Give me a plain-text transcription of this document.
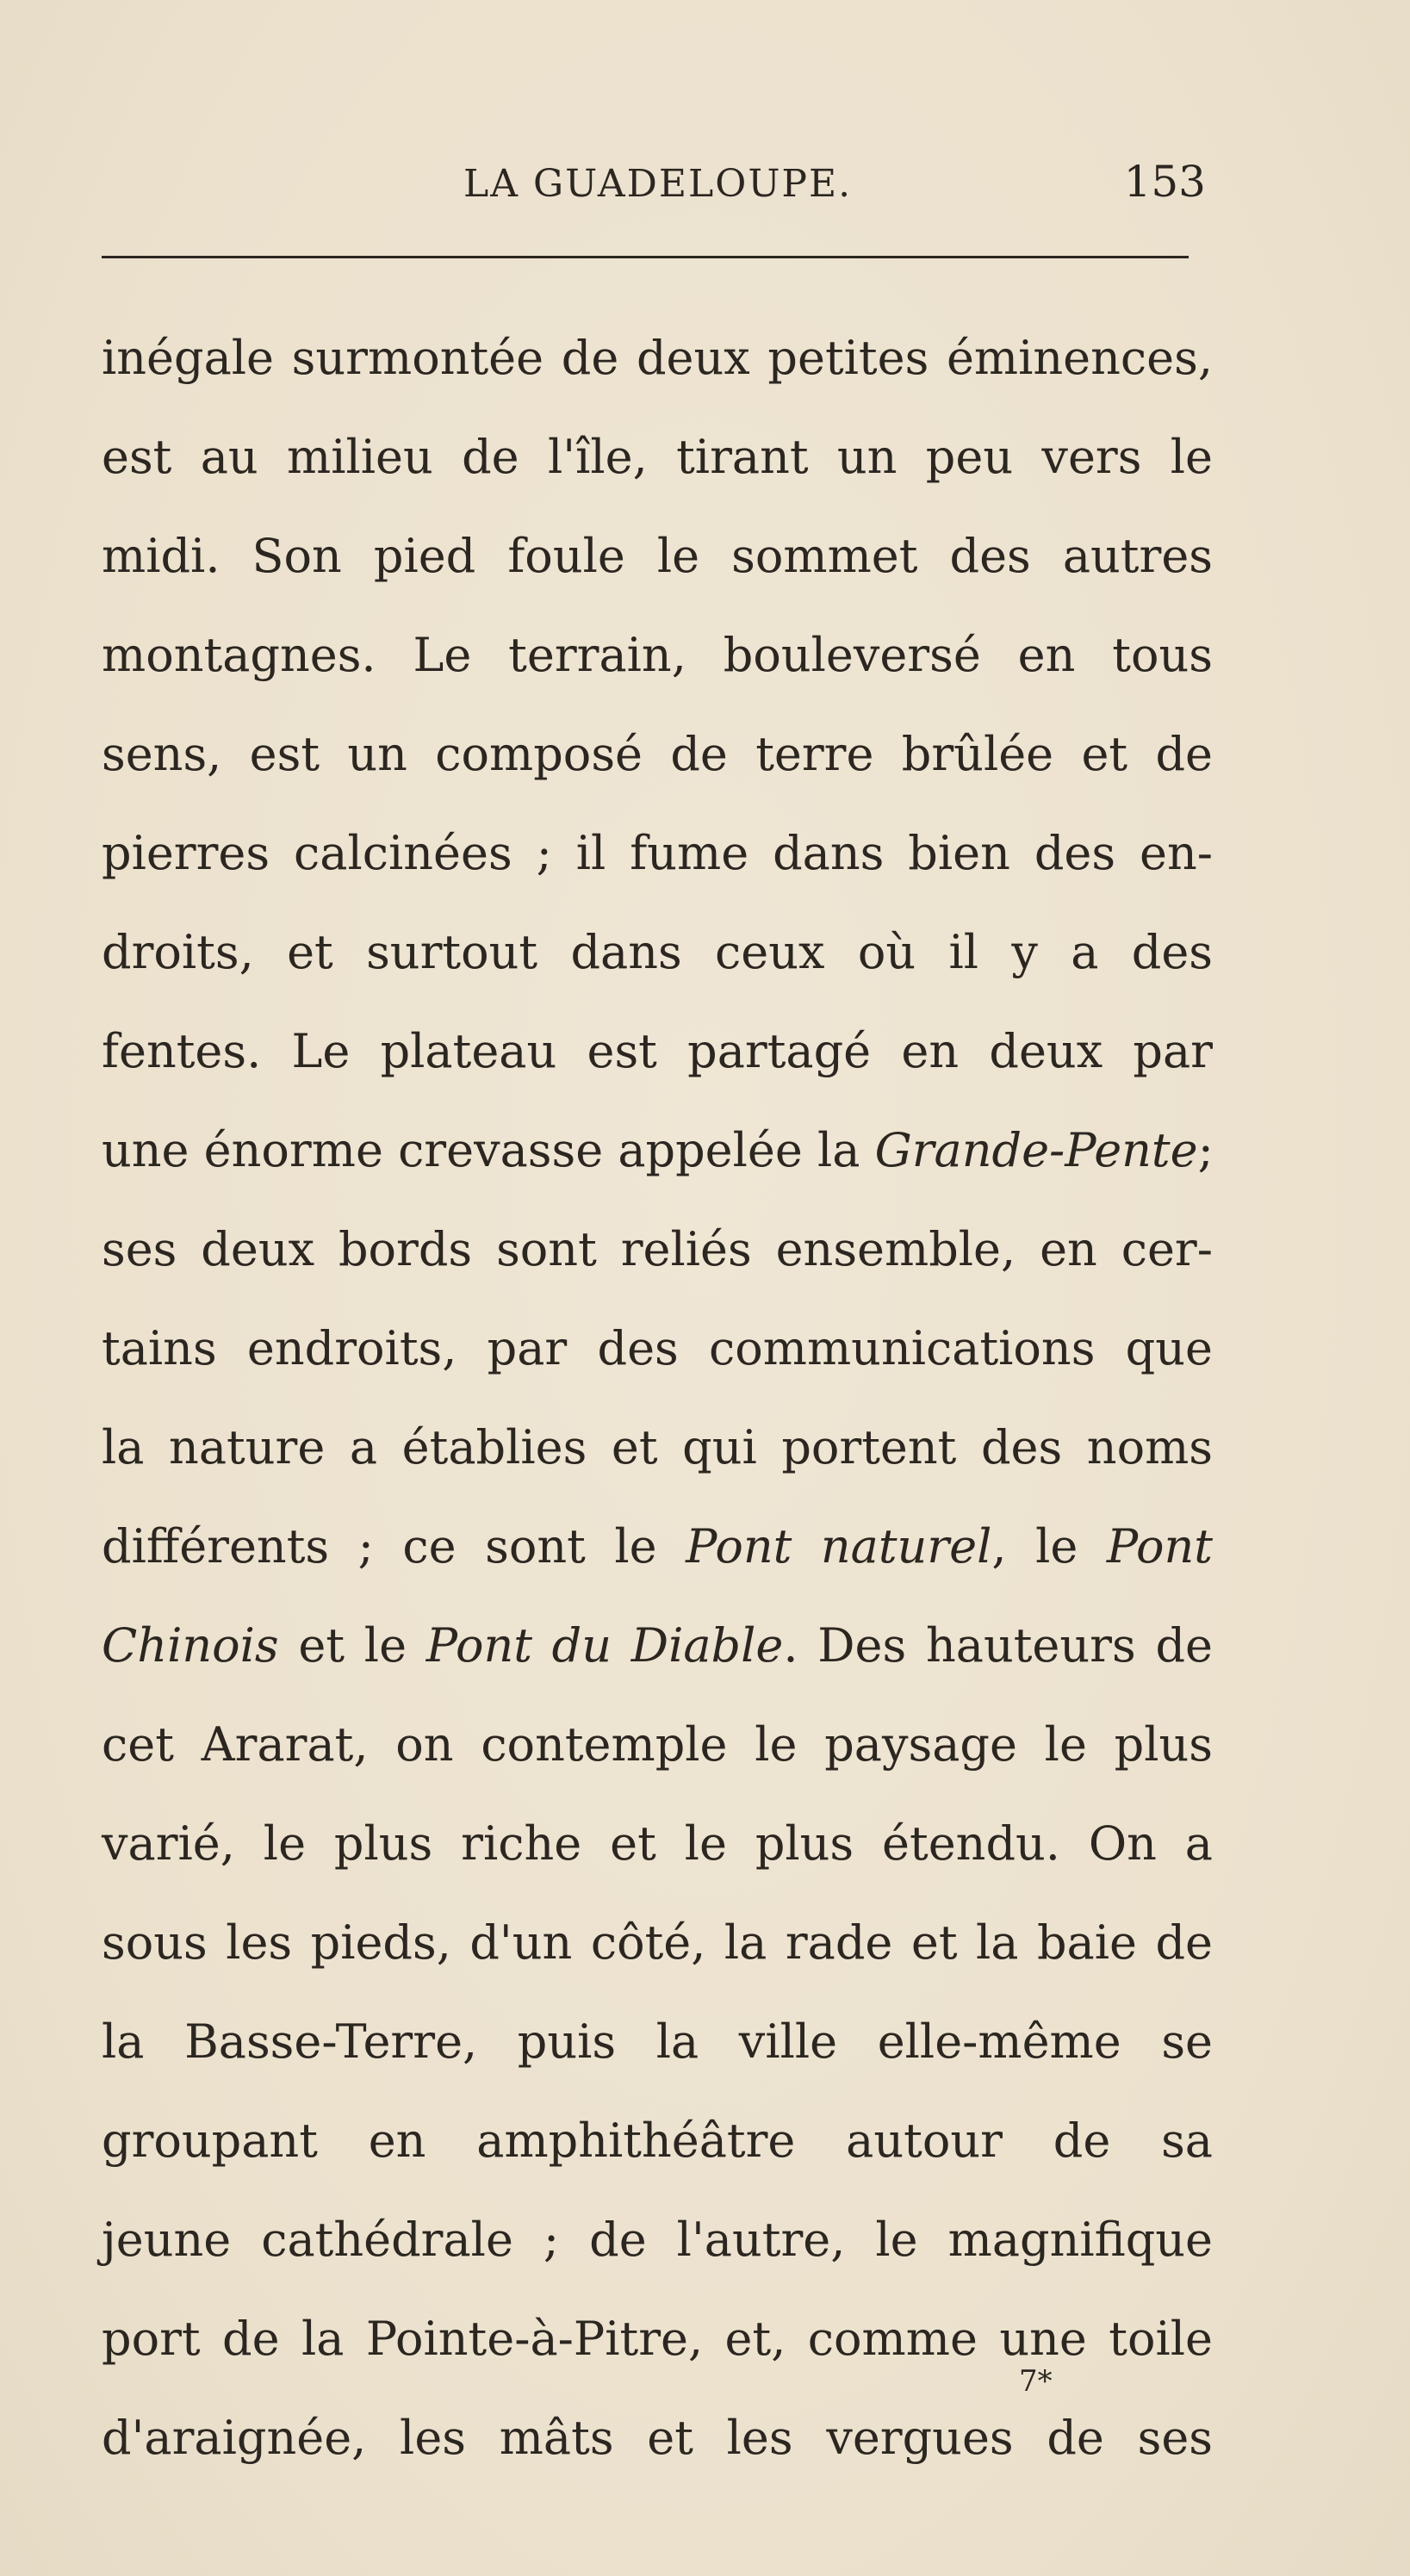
LA GUADELOUPE.	153
inégale surmontée de deux petites éminences,
est au milieu de l'île, tirant un peu vers le
midi. Son pied foule le sommet des autres
montagnes. Le terrain, bouleversé en tous
sens, est un composé de terre brûlée et de
pierres calcinées ; il fume dans bien des en-
droits, et surtout dans ceux où il y a des
fentes. Le plateau est partagé en deux par
une énorme crevasse appelée la Grande-Pente;
ses deux bords sont reliés ensemble, en cer-
tains endroits, par des communications que
la nature a établies et qui portent des noms
différents ; ce sont le Pont naturel, le Pont
Chinois et le Pont du Diable. Des hauteurs de
cet Ararat, on contemple le paysage le plus
varié, le plus riche et le plus étendu. On a
sous les pieds, d'un côté, la rade et la baie de
la Basse-Terre, puis la ville elle-même se
groupant en amphithéâtre autour de sa
jeune cathédrale ; de l'autre, le magnifique
port de la Pointe-à-Pitre, et, comme une toile
d'araignée, les mâts et les vergues de ses
7*
